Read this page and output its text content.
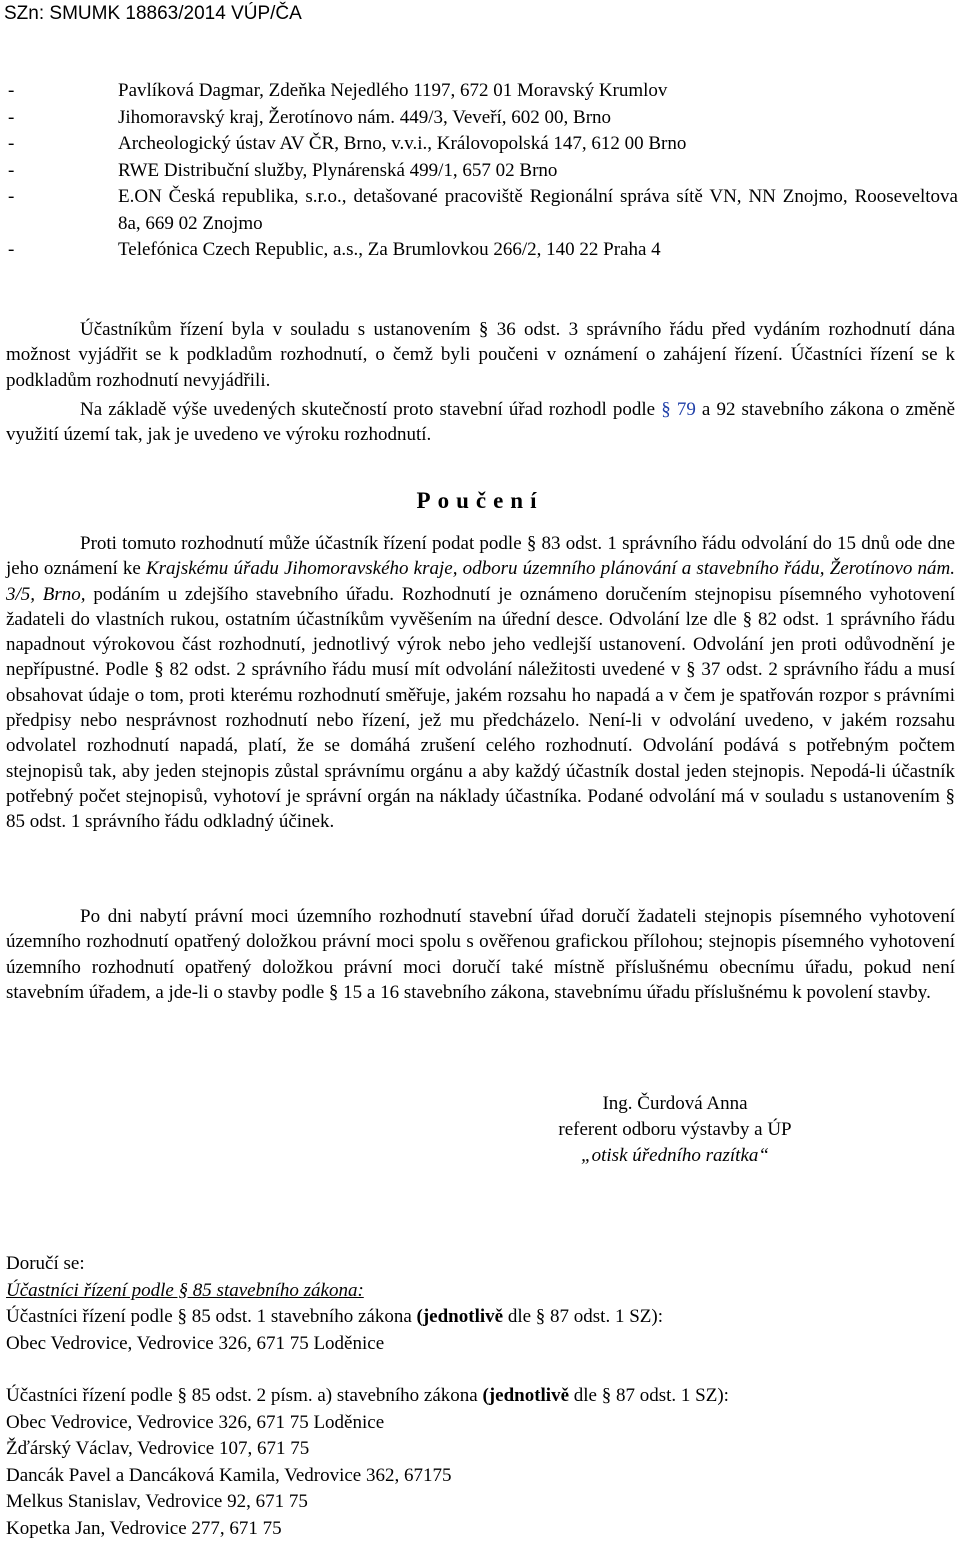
SZn: SMUMK 18863/2014 VÚP/ČA
-	Pavlíková Dagmar, Zdeňka Nejedlého 1197, 672 01 Moravský Krumlov
-	Jihomoravský kraj, Žerotínovo nám. 449/3, Veveří, 602 00, Brno
-	Archeologický ústav AV ČR, Brno, v.v.i., Královopolská 147, 612 00 Brno
-	RWE Distribuční služby, Plynárenská 499/1, 657 02 Brno
-	E.ON Česká republika, s.r.o., detašované pracoviště Regionální správa sítě VN, NN Znojmo, Rooseveltova 8a, 669 02 Znojmo
-	Telefónica Czech Republic, a.s., Za Brumlovkou 266/2, 140 22 Praha 4
Účastníkům řízení byla v souladu s ustanovením § 36 odst. 3 správního řádu před vydáním rozhodnutí dána možnost vyjádřit se k podkladům rozhodnutí, o čemž byli poučeni v oznámení o zahájení řízení. Účastníci řízení se k podkladům rozhodnutí nevyjádřili.
Na základě výše uvedených skutečností proto stavební úřad rozhodl podle § 79 a 92 stavebního zákona o změně využití území tak, jak je uvedeno ve výroku rozhodnutí.
Poučení
Proti tomuto rozhodnutí může účastník řízení podat podle § 83 odst. 1 správního řádu odvolání do 15 dnů ode dne jeho oznámení ke Krajskému úřadu Jihomoravského kraje, odboru územního plánování a stavebního řádu, Žerotínovo nám. 3/5, Brno, podáním u zdejšího stavebního úřadu. Rozhodnutí je oznámeno doručením stejnopisu písemného vyhotovení žadateli do vlastních rukou, ostatním účastníkům vyvěšením na úřední desce. Odvolání lze dle § 82 odst. 1 správního řádu napadnout výrokovou část rozhodnutí, jednotlivý výrok nebo jeho vedlejší ustanovení. Odvolání jen proti odůvodnění je nepřípustné. Podle § 82 odst. 2 správního řádu musí mít odvolání náležitosti uvedené v § 37 odst. 2 správního řádu a musí obsahovat údaje o tom, proti kterému rozhodnutí směřuje, jakém rozsahu ho napadá a v čem je spatřován rozpor s právními předpisy nebo nesprávnost rozhodnutí nebo řízení, jež mu předcházelo. Není-li v odvolání uvedeno, v jakém rozsahu odvolatel rozhodnutí napadá, platí, že se domáhá zrušení celého rozhodnutí. Odvolání podává s potřebným počtem stejnopisů tak, aby jeden stejnopis zůstal správnímu orgánu a aby každý účastník dostal jeden stejnopis. Nepodá-li účastník potřebný počet stejnopisů, vyhotoví je správní orgán na náklady účastníka. Podané odvolání má v souladu s ustanovením § 85 odst. 1 správního řádu odkladný účinek.
Po dni nabytí právní moci územního rozhodnutí stavební úřad doručí žadateli stejnopis písemného vyhotovení územního rozhodnutí opatřený doložkou právní moci spolu s ověřenou grafickou přílohou; stejnopis písemného vyhotovení územního rozhodnutí opatřený doložkou právní moci doručí také místně příslušnému obecnímu úřadu, pokud není stavebním úřadem, a jde-li o stavby podle § 15 a 16 stavebního zákona, stavebnímu úřadu příslušnému k povolení stavby.
Ing. Čurdová Anna
referent odboru výstavby a ÚP
„otisk úředního razítka“
Doručí se:
Účastníci řízení podle § 85 stavebního zákona:
Účastníci řízení podle § 85 odst. 1 stavebního zákona (jednotlivě dle § 87 odst. 1 SZ):
Obec Vedrovice, Vedrovice 326, 671 75 Loděnice
Účastníci řízení podle § 85 odst. 2 písm. a) stavebního zákona (jednotlivě dle § 87 odst. 1 SZ):
Obec Vedrovice, Vedrovice 326, 671 75 Loděnice
Žďárský Václav, Vedrovice 107, 671 75
Dancák Pavel a Dancáková Kamila, Vedrovice 362, 67175
Melkus Stanislav, Vedrovice 92, 671 75
Kopetka Jan, Vedrovice 277, 671 75
